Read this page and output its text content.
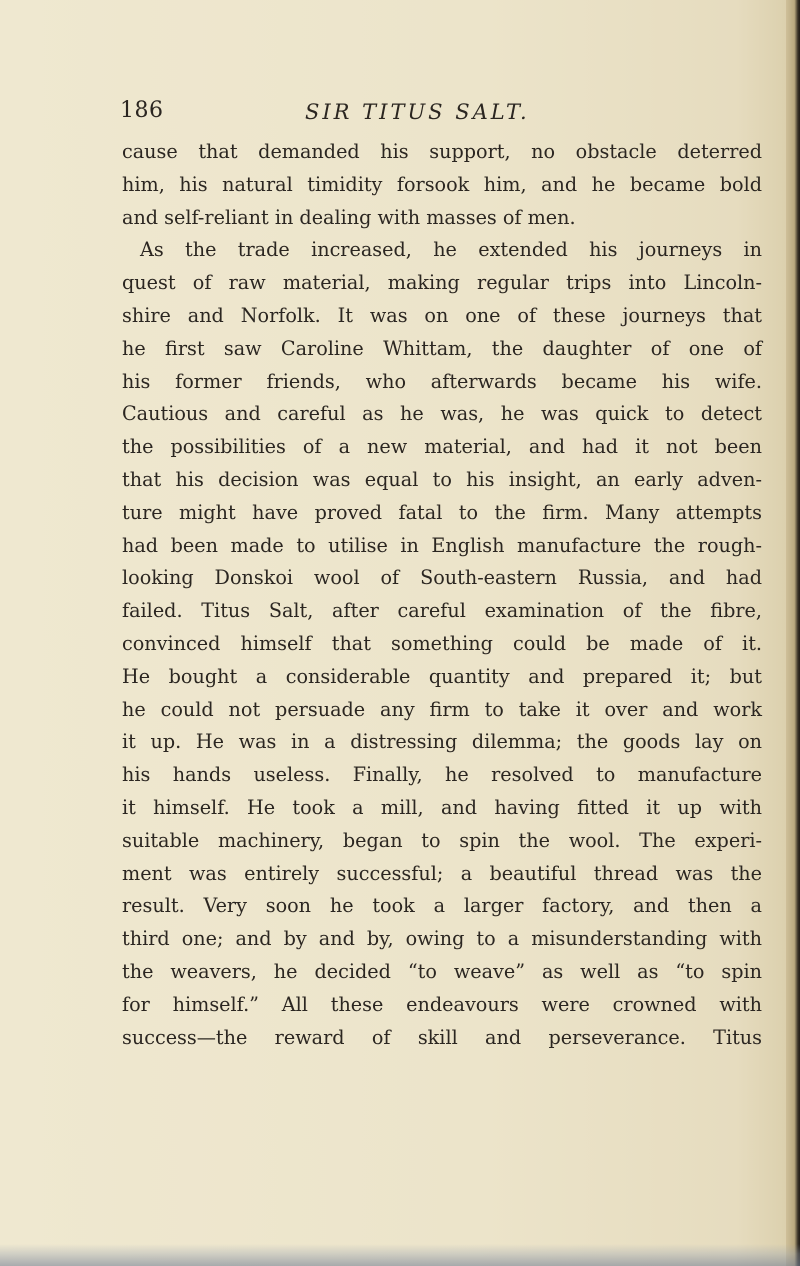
186	SIR TITUS SALT.
cause that demanded his support, no obstacle deterred
him, his natural timidity forsook him, and he became bold
and self-reliant in dealing with masses of men.
As the trade increased, he extended his journeys in
quest of raw material, making regular trips into Lincoln-
shire and Norfolk. It was on one of these journeys that
he first saw Caroline Whittam, the daughter of one of
his former friends, who afterwards became his wife.
Cautious and careful as he was, he was quick to detect
the possibilities of a new material, and had it not been
that his decision was equal to his insight, an early adven-
ture might have proved fatal to the firm. Many attempts
had been made to utilise in English manufacture the rough-
looking Donskoi wool of South-eastern Russia, and had
failed. Titus Salt, after careful examination of the fibre,
convinced himself that something could be made of it.
He bought a considerable quantity and prepared it; but
he could not persuade any firm to take it over and work
it up. He was in a distressing dilemma; the goods lay on
his hands useless. Finally, he resolved to manufacture
it himself. He took a mill, and having fitted it up with
suitable machinery, began to spin the wool. The experi-
ment was entirely successful; a beautiful thread was the
result. Very soon he took a larger factory, and then a
third one; and by and by, owing to a misunderstanding with
the weavers, he decided “to weave” as well as “to spin
for himself.” All these endeavours were crowned with
success—the reward of skill and perseverance. Titus
